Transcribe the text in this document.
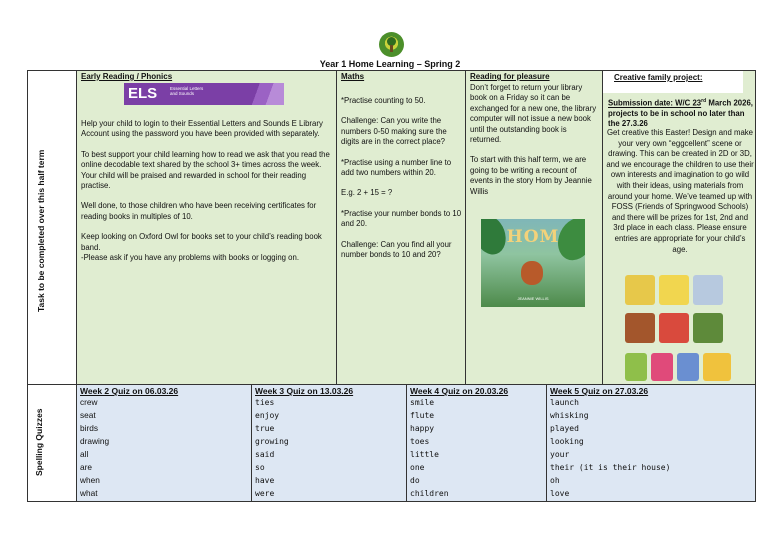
Year 1 Home Learning – Spring 2
Task to be completed over this half term
Early Reading / Phonics
ELS	Essential Letters and Sounds

Help your child to login to their Essential Letters and Sounds E Library Account using the password you have been provided with separately.

To best support your child learning how to read we ask that you read the online decodable text shared by the school 3+ times across the week. Your child will be praised and rewarded in school for their reading practise.

Well done, to those children who have been receiving certificates for reading books in multiples of 10.

Keep looking on Oxford Owl for books set to your child’s reading book band.

-Please ask if you have any problems with books or logging on.

Maths

*Practise counting to 50.

Challenge: Can you write the numbers 0-50 making sure the digits are in the correct place?

*Practise using a number line to add two numbers within 20.

E.g. 2 + 15 = ?

*Practise your number bonds to 10 and 20.

Challenge: Can you find all your number bonds to 10 and 20?

Reading for pleasure

Don’t forget to return your library book on a Friday so it can be exchanged for a new one, the library computer will not issue a new book until the outstanding book is returned.

To start with this half term, we are going to be writing a recount of events in the story Hom by Jeannie Willis

HOM
JEANNIE WILLIS
Creative family project:
Submission date: W/C 23rd March 2026, projects to be in school no later than the 27.3.26
Get creative this Easter! Design and make your very own “eggcellent” scene or drawing. This can be created in 2D or 3D, and we encourage the children to use their own interests and imagination to go wild with their ideas, using materials from around your home. We’ve teamed up with FOSS (Friends of Springwood Schools) and there will be prizes for 1st, 2nd and 3rd place in each class. Please ensure entries are appropriate for your child’s age.
Spelling Quizzes
Week 2 Quiz on 06.03.26
crew
seat
birds
drawing
all
are
when
what
Week 3 Quiz on 13.03.26
ties
enjoy
true
growing
said
so
have
were
Week 4 Quiz on 20.03.26
smile
flute
happy
toes
little
one
do
children
Week 5 Quiz on 27.03.26
launch
whisking
played
looking
your
their (it is their house)
oh
love
